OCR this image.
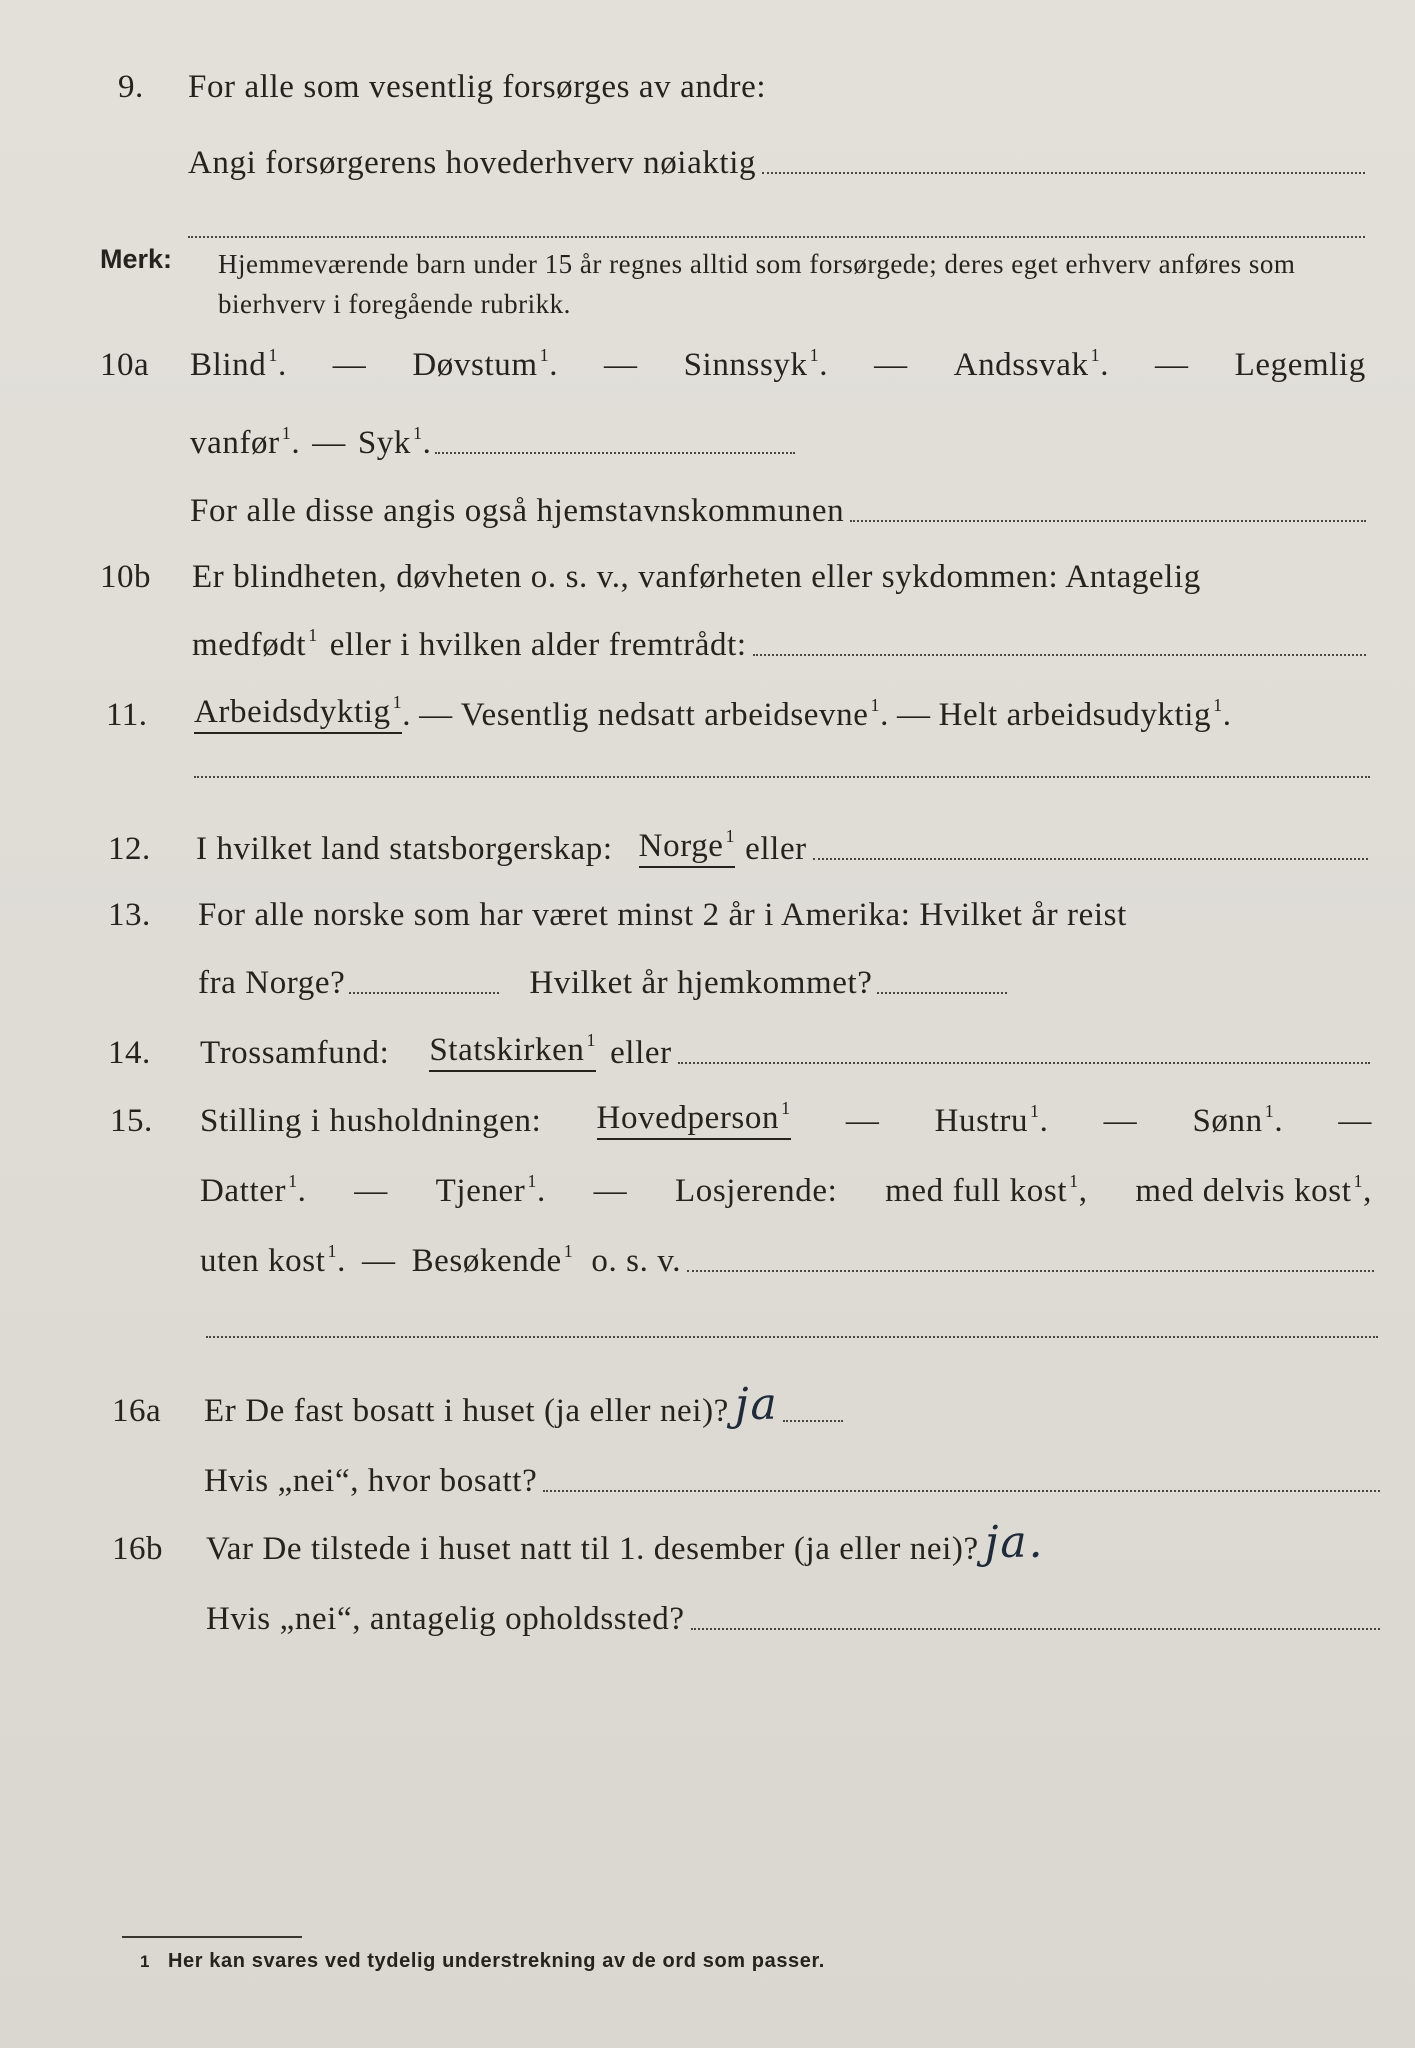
9. For alle som vesentlig forsørges av andre:
Angi forsørgerens hovederhverv nøiaktig
Merk: Hjemmeværende barn under 15 år regnes alltid som forsørgede; deres eget erhverv anføres som bierhverv i foregående rubrikk.
10a Blind $^1$. — Døvstum $^1$. — Sinnssyk $^1$. — Andssvak $^1$. — Legemlig
vanfør $^1$. — Syk $^1$.
For alle disse angis også hjemstavnskommunen
10b Er blindheten, døvheten o. s. v., vanførheten eller sykdommen: Antagelig
medfødt $^1$ eller i hvilken alder fremtrådt:
11. Arbeidsdyktig $^1$ . — Vesentlig nedsatt arbeidsevne $^1$. — Helt arbeidsudyktig $^1$.
12. I hvilket land statsborgerskap: Norge $^1$ eller
13. For alle norske som har været minst 2 år i Amerika: Hvilket år reist
fra Norge?	Hvilket år hjemkommet?
14. Trossamfund: Statskirken $^1$ eller
15. Stilling i husholdningen: Hovedperson $^1$ — Hustru $^1$. — Sønn $^1$. —
Datter $^1$. — Tjener $^1$. — Losjerende: med full kost $^1$, med delvis kost $^1$,
uten kost $^1$. — Besøkende $^1$ o. s. v.
16a Er De fast bosatt i huset (ja eller nei)? ja
Hvis „nei“, hvor bosatt?
16b Var De tilstede i huset natt til 1. desember (ja eller nei)? ja.
Hvis „nei“, antagelig opholdssted?
1 Her kan svares ved tydelig understrekning av de ord som passer.
